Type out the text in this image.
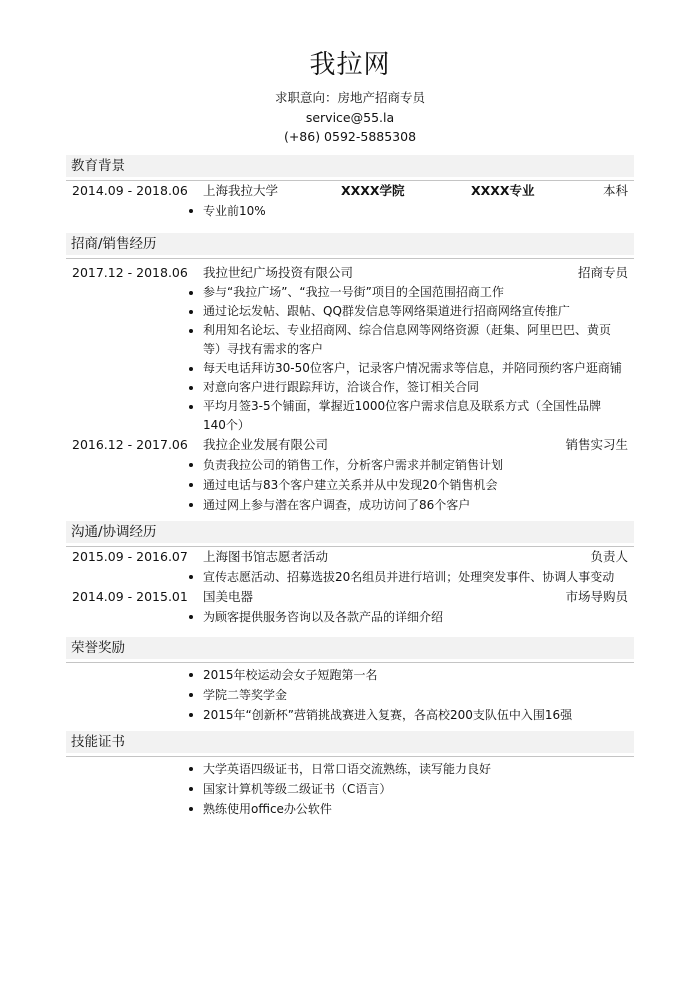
我拉网
求职意向：房地产招商专员
service@55.la
(+86) 0592-5885308
教育背景
2014.09 - 2018.06 上海我拉大学	XXXX学院	XXXX专业	本科
专业前10%
招商/销售经历
2017.12 - 2018.06 我拉世纪广场投资有限公司	招商专员
参与“我拉广场”、“我拉一号街”项目的全国范围招商工作
通过论坛发帖、跟帖、QQ群发信息等网络渠道进行招商网络宣传推广
利用知名论坛、专业招商网、综合信息网等网络资源（赶集、阿里巴巴、黄页等）寻找有需求的客户
每天电话拜访30-50位客户，记录客户情况需求等信息，并陪同预约客户逛商铺
对意向客户进行跟踪拜访，洽谈合作，签订相关合同
平均月签3-5个铺面，掌握近1000位客户需求信息及联系方式（全国性品牌140个）
2016.12 - 2017.06 我拉企业发展有限公司	销售实习生
负责我拉公司的销售工作，分析客户需求并制定销售计划
通过电话与83个客户建立关系并从中发现20个销售机会
通过网上参与潜在客户调查，成功访问了86个客户
沟通/协调经历
2015.09 - 2016.07 上海图书馆志愿者活动	负责人
宣传志愿活动、招募选拔20名组员并进行培训；处理突发事件、协调人事变动
2014.09 - 2015.01 国美电器	市场导购员
为顾客提供服务咨询以及各款产品的详细介绍
荣誉奖励
2015年校运动会女子短跑第一名
学院二等奖学金
2015年“创新杯”营销挑战赛进入复赛，各高校200支队伍中入围16强
技能证书
大学英语四级证书，日常口语交流熟练，读写能力良好
国家计算机等级二级证书（C语言）
熟练使用office办公软件
